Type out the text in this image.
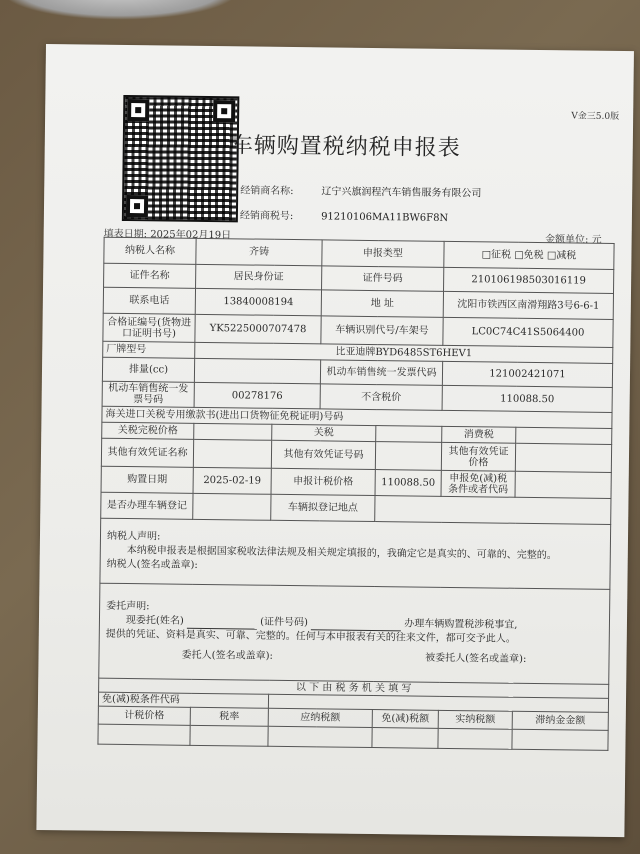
V金三5.0版
车辆购置税纳税申报表
经销商名称:	辽宁兴旗润程汽车销售服务有限公司
经销商税号:	91210106MA11BW6F8N
填表日期: 2025年02月19日	金额单位: 元
纳税人名称	齐铸		申报类型		□征税 □免税 □减税	
证件名称	居民身份证		证件号码		210106198503016119	
联系电话	13840008194		地 址		沈阳市铁西区南滑翔路3号6-6-1	
合格证编号(货物进口证明书号)	YK5225000707478		车辆识别代号/车架号		LC0C74C41S5064400	
厂牌型号	比亚迪牌BYD6485ST6HEV1					
排量(cc)			机动车销售统一发票代码		121002421071	
机动车销售统一发票号码	00278176		不含税价		110088.50	
海关进口关税专用缴款书(进出口货物征免税证明)号码						
关税完税价格		关税			消费税	
其他有效凭证名称		其他有效凭证号码			其他有效凭证价格	
购置日期	2025-02-19	申报计税价格		110088.50	申报免(减)税条件或者代码	
是否办理车辆登记		车辆拟登记地点				

纳税人声明:

本纳税申报表是根据国家税收法律法规及相关规定填报的，我确定它是真实的、可靠的、完整的。

纳税人(签名或盖章):						

委托声明:

现委托(姓名) (证件号码) 办理车辆购置税涉税事宜,

提供的凭证、资料是真实、可靠、完整的。任何与本申报表有关的往来文件，都可交予此人。

委托人(签名或盖章): 被委托人(签名或盖章):						

以 下 由 税 务 机 关 填 写						
免(减)税条件代码						
计税价格	税率	应纳税额		免(减)税额	实纳税额	滞纳金金额
